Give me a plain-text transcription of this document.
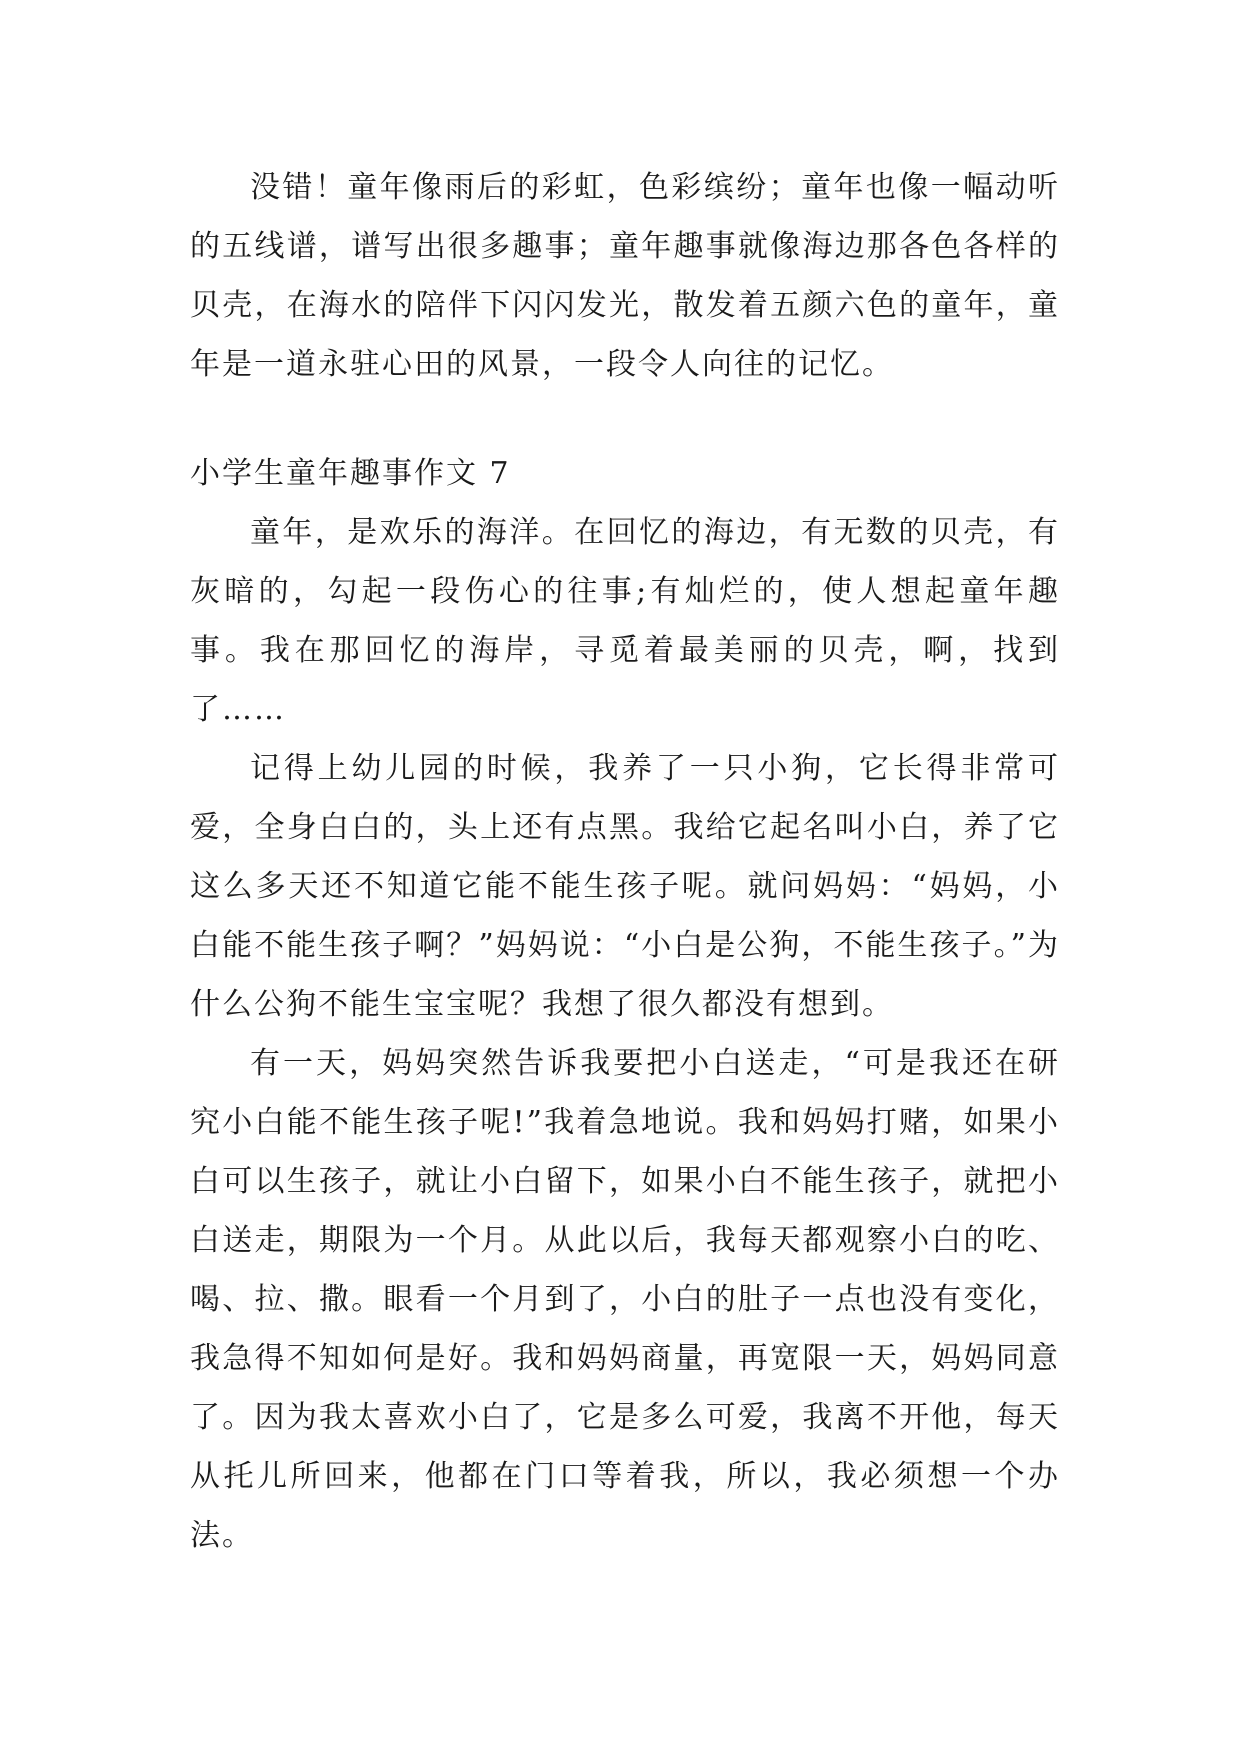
没错！童年像雨后的彩虹，色彩缤纷；童年也像一幅动听的五线谱，谱写出很多趣事；童年趣事就像海边那各色各样的贝壳，在海水的陪伴下闪闪发光，散发着五颜六色的童年，童年是一道永驻心田的风景，一段令人向往的记忆。

小学生童年趣事作文 7

童年，是欢乐的海洋。在回忆的海边，有无数的贝壳，有灰暗的，勾起一段伤心的往事;有灿烂的，使人想起童年趣事。我在那回忆的海岸，寻觅着最美丽的贝壳，啊，找到了……

记得上幼儿园的时候，我养了一只小狗，它长得非常可爱，全身白白的，头上还有点黑。我给它起名叫小白，养了它这么多天还不知道它能不能生孩子呢。就问妈妈：“妈妈，小白能不能生孩子啊？”妈妈说：“小白是公狗，不能生孩子。”为什么公狗不能生宝宝呢？我想了很久都没有想到。

有一天，妈妈突然告诉我要把小白送走，“可是我还在研究小白能不能生孩子呢!”我着急地说。我和妈妈打赌，如果小白可以生孩子，就让小白留下，如果小白不能生孩子，就把小白送走，期限为一个月。从此以后，我每天都观察小白的吃、喝、拉、撒。眼看一个月到了，小白的肚子一点也没有变化，我急得不知如何是好。我和妈妈商量，再宽限一天，妈妈同意了。因为我太喜欢小白了，它是多么可爱，我离不开他，每天从托儿所回来，他都在门口等着我，所以，我必须想一个办法。
